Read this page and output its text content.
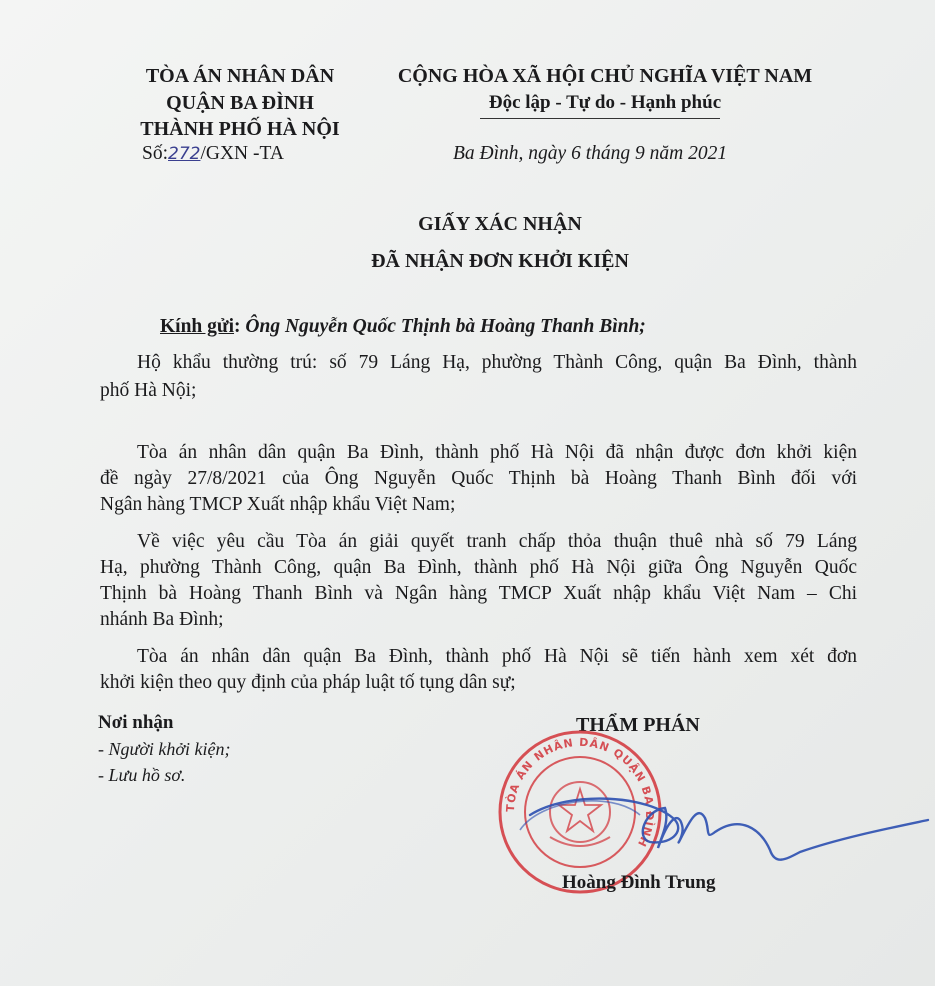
TÒA ÁN NHÂN DÂN
QUẬN BA ĐÌNH
THÀNH PHỐ HÀ NỘI
Số:272/GXN -TA
CỘNG HÒA XÃ HỘI CHỦ NGHĨA VIỆT NAM
Độc lập - Tự do - Hạnh phúc
Ba Đình, ngày 6 tháng 9 năm 2021
GIẤY XÁC NHẬN
ĐÃ NHẬN ĐƠN KHỞI KIỆN
Kính gửi: Ông Nguyễn Quốc Thịnh bà Hoàng Thanh Bình;
Hộ khẩu thường trú: số 79 Láng Hạ, phường Thành Công, quận Ba Đình, thành
phố Hà Nội;
Tòa án nhân dân quận Ba Đình, thành phố Hà Nội đã nhận được đơn khởi kiện
đề ngày 27/8/2021 của Ông Nguyễn Quốc Thịnh bà Hoàng Thanh Bình đối với
Ngân hàng TMCP Xuất nhập khẩu Việt Nam;
Về việc yêu cầu Tòa án giải quyết tranh chấp thỏa thuận thuê nhà số 79 Láng
Hạ, phường Thành Công, quận Ba Đình, thành phố Hà Nội giữa Ông Nguyễn Quốc
Thịnh bà Hoàng Thanh Bình và Ngân hàng TMCP Xuất nhập khẩu Việt Nam – Chi
nhánh Ba Đình;
Tòa án nhân dân quận Ba Đình, thành phố Hà Nội sẽ tiến hành xem xét đơn
khởi kiện theo quy định của pháp luật tố tụng dân sự;
Nơi nhận
- Người khởi kiện;
- Lưu hồ sơ.
THẨM PHÁN
TÒA ÁN NHÂN DÂN QUẬN BA ĐÌNH
Hoàng Đình Trung
